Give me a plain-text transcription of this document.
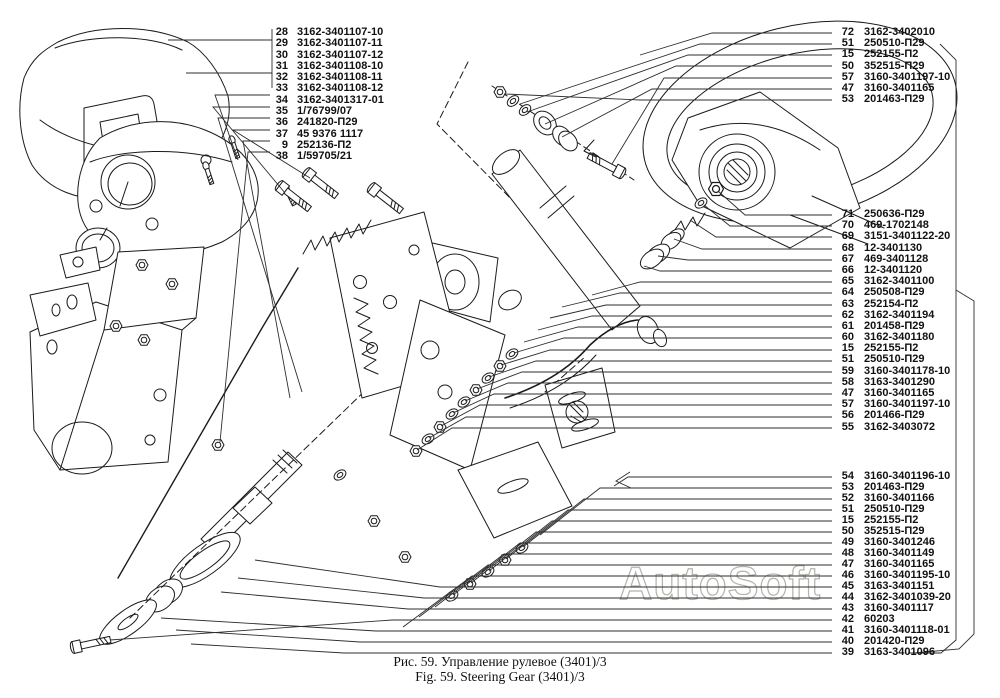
AutoSoft
28 3162-3401107-10
29 3162-3401107-11
30 3162-3401107-12
31 3162-3401108-10
32 3162-3401108-11
33 3162-3401108-12
34 3162-3401317-01
35 1/76799/07
36 241820-П29
37 45 9376 1117
9 252136-П2
38 1/59705/21
72 3162-3402010
51 250510-П29
15 252155-П2
50 352515-П29
57 3160-3401197-10
47 3160-3401165
53 201463-П29
71 250636-П29
70 469-1702148
69 3151-3401122-20
68 12-3401130
67 469-3401128
66 12-3401120
65 3162-3401100
64 250508-П29
63 252154-П2
62 3162-3401194
61 201458-П29
60 3162-3401180
15 252155-П2
51 250510-П29
59 3160-3401178-10
58 3163-3401290
47 3160-3401165
57 3160-3401197-10
56 201466-П29
55 3162-3403072
54 3160-3401196-10
53 201463-П29
52 3160-3401166
51 250510-П29
15 252155-П2
50 352515-П29
49 3160-3401246
48 3160-3401149
47 3160-3401165
46 3160-3401195-10
45 3163-3401151
44 3162-3401039-20
43 3160-3401117
42 60203
41 3160-3401118-01
40 201420-П29
39 3163-3401096
Рис. 59. Управление рулевое (3401)/3
Fig. 59. Steering Gear (3401)/3
